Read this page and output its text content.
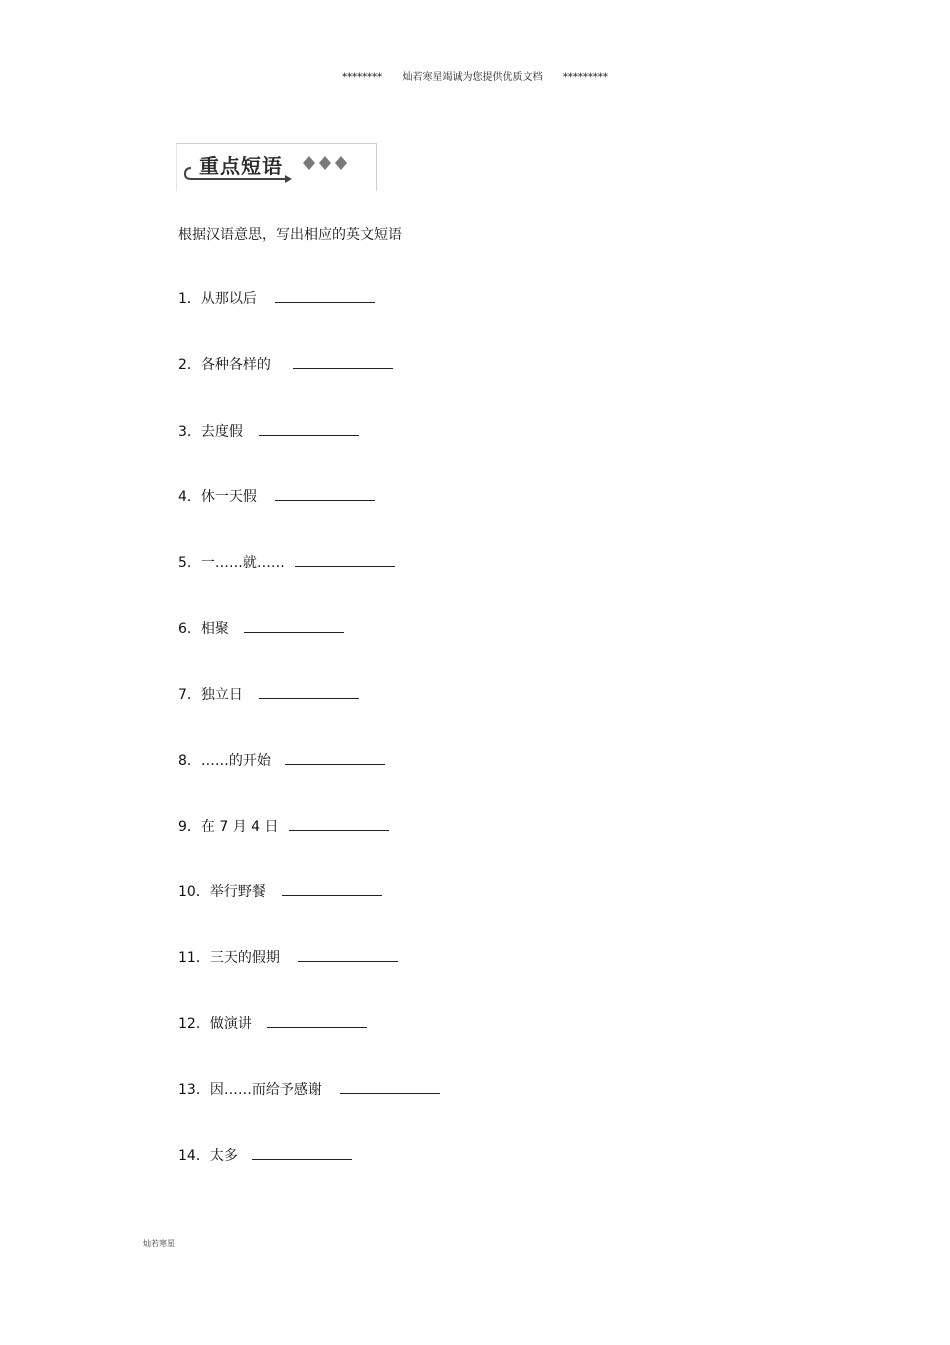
******** 灿若寒星竭诚为您提供优质文档 *********
重点短语
根据汉语意思，写出相应的英文短语
1．从那以后
2．各种各样的
3．去度假
4．休一天假
5．一……就……
6．相聚
7．独立日
8．……的开始
9．在 7 月 4 日
10．举行野餐
11．三天的假期
12．做演讲
13．因……而给予感谢
14．太多
灿若寒星
